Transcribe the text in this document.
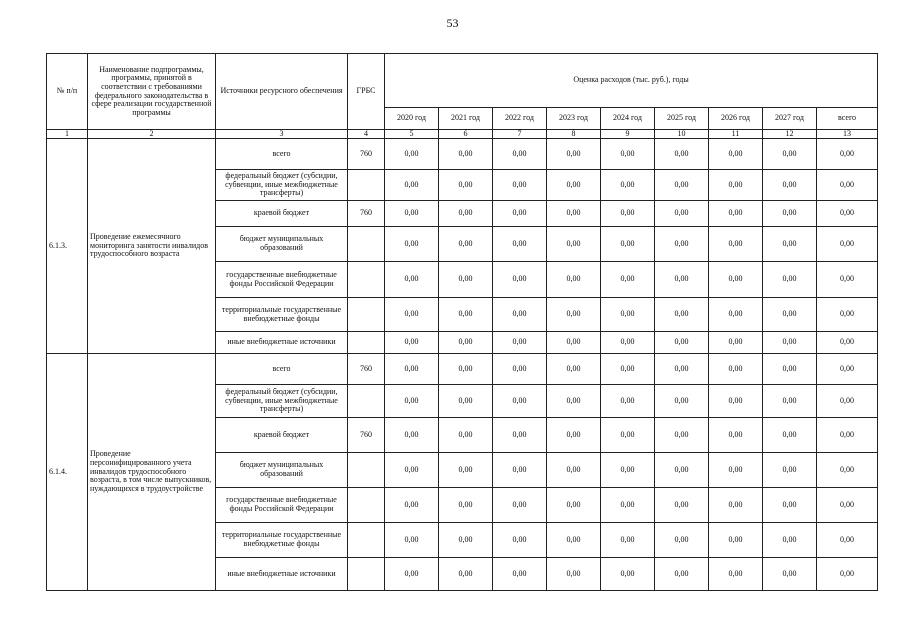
53
№ п/п	Наименование подпрограммы, программы, принятой в соответствии с требованиями федерального законодательства в сфере реализации государственной программы	Источники ресурсного обеспечения	ГРБС	Оценка расходов (тыс. руб.), годы								
				2020 год	2021 год	2022 год	2023 год	2024 год	2025 год	2026 год	2027 год	всего
1	2	3	4	5	6	7	8	9	10	11	12	13
6.1.3.	Проведение ежемесячного мониторинга занятости инвалидов трудоспособного возраста	всего	760	0,00	0,00	0,00	0,00	0,00	0,00	0,00	0,00	0,00
		федеральный бюджет (субсидии, субвенции, иные межбюджетные трансферты)		0,00	0,00	0,00	0,00	0,00	0,00	0,00	0,00	0,00
		краевой бюджет	760	0,00	0,00	0,00	0,00	0,00	0,00	0,00	0,00	0,00
		бюджет муниципальных образований		0,00	0,00	0,00	0,00	0,00	0,00	0,00	0,00	0,00
		государственные внебюджетные фонды Российской Федерации		0,00	0,00	0,00	0,00	0,00	0,00	0,00	0,00	0,00
		территориальные государственные внебюджетные фонды		0,00	0,00	0,00	0,00	0,00	0,00	0,00	0,00	0,00
		иные внебюджетные источники		0,00	0,00	0,00	0,00	0,00	0,00	0,00	0,00	0,00
6.1.4.	Проведение персонифицированного учета инвалидов трудоспособного возраста, в том числе выпускников, нуждающихся в трудоустройстве	всего	760	0,00	0,00	0,00	0,00	0,00	0,00	0,00	0,00	0,00
		федеральный бюджет (субсидии, субвенции, иные межбюджетные трансферты)		0,00	0,00	0,00	0,00	0,00	0,00	0,00	0,00	0,00
		краевой бюджет	760	0,00	0,00	0,00	0,00	0,00	0,00	0,00	0,00	0,00
		бюджет муниципальных образований		0,00	0,00	0,00	0,00	0,00	0,00	0,00	0,00	0,00
		государственные внебюджетные фонды Российской Федерации		0,00	0,00	0,00	0,00	0,00	0,00	0,00	0,00	0,00
		территориальные государственные внебюджетные фонды		0,00	0,00	0,00	0,00	0,00	0,00	0,00	0,00	0,00
		иные внебюджетные источники		0,00	0,00	0,00	0,00	0,00	0,00	0,00	0,00	0,00
